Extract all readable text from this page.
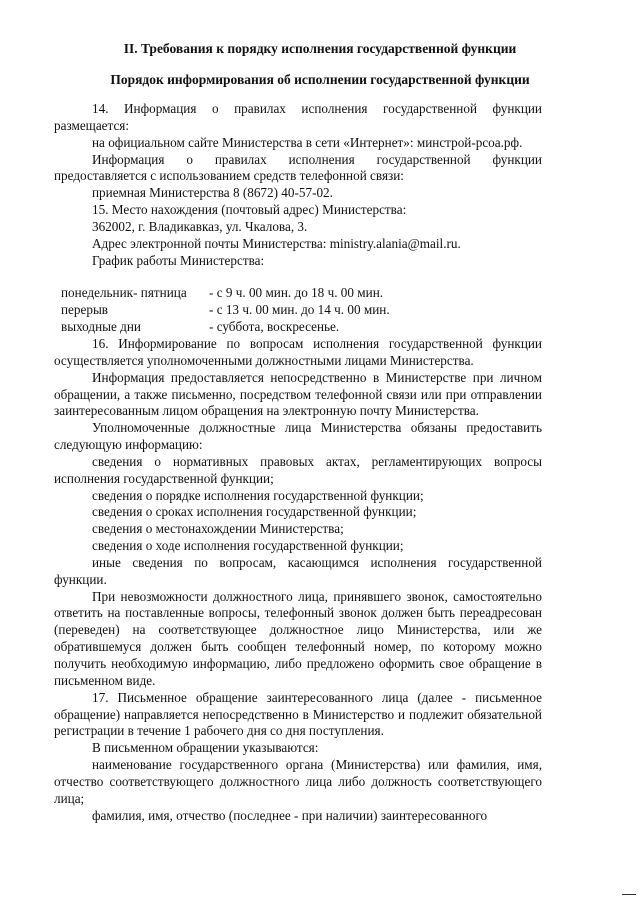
II. Требования к порядку исполнения государственной функции
Порядок информирования об исполнении государственной функции

14. Информация о правилах исполнения государственной функции размещается:

на официальном сайте Министерства в сети «Интернет»: минстрой-рсоа.рф.

Информация о правилах исполнения государственной функции предоставляется с использованием средств телефонной связи:

приемная Министерства 8 (8672) 40-57-02.

15. Место нахождения (почтовый адрес) Министерства:

362002, г. Владикавказ, ул. Чкалова, 3.

Адрес электронной почты Министерства: ministry.alania@mail.ru.

График работы Министерства:

понедельник- пятница	- с 9 ч. 00 мин. до 18 ч. 00 мин.
перерыв	- с 13 ч. 00 мин. до 14 ч. 00 мин.
выходные дни	- суббота, воскресенье.

16. Информирование по вопросам исполнения государственной функции осуществляется уполномоченными должностными лицами Министерства.

Информация предоставляется непосредственно в Министерстве при личном обращении, а также письменно, посредством телефонной связи или при отправлении заинтересованным лицом обращения на электронную почту Министерства.

Уполномоченные должностные лица Министерства обязаны предоставить следующую информацию:

сведения о нормативных правовых актах, регламентирующих вопросы исполнения государственной функции;

сведения о порядке исполнения государственной функции;

сведения о сроках исполнения государственной функции;

сведения о местонахождении Министерства;

сведения о ходе исполнения государственной функции;

иные сведения по вопросам, касающимся исполнения государственной функции.

При невозможности должностного лица, принявшего звонок, самостоятельно ответить на поставленные вопросы, телефонный звонок должен быть переадресован (переведен) на соответствующее должностное лицо Министерства, или же обратившемуся должен быть сообщен телефонный номер, по которому можно получить необходимую информацию, либо предложено оформить свое обращение в письменном виде.

17. Письменное обращение заинтересованного лица (далее - письменное обращение) направляется непосредственно в Министерство и подлежит обязательной регистрации в течение 1 рабочего дня со дня поступления.

В письменном обращении указываются:

наименование государственного органа (Министерства) или фамилия, имя, отчество соответствующего должностного лица либо должность соответствующего лица;

фамилия, имя, отчество (последнее - при наличии) заинтересованного
